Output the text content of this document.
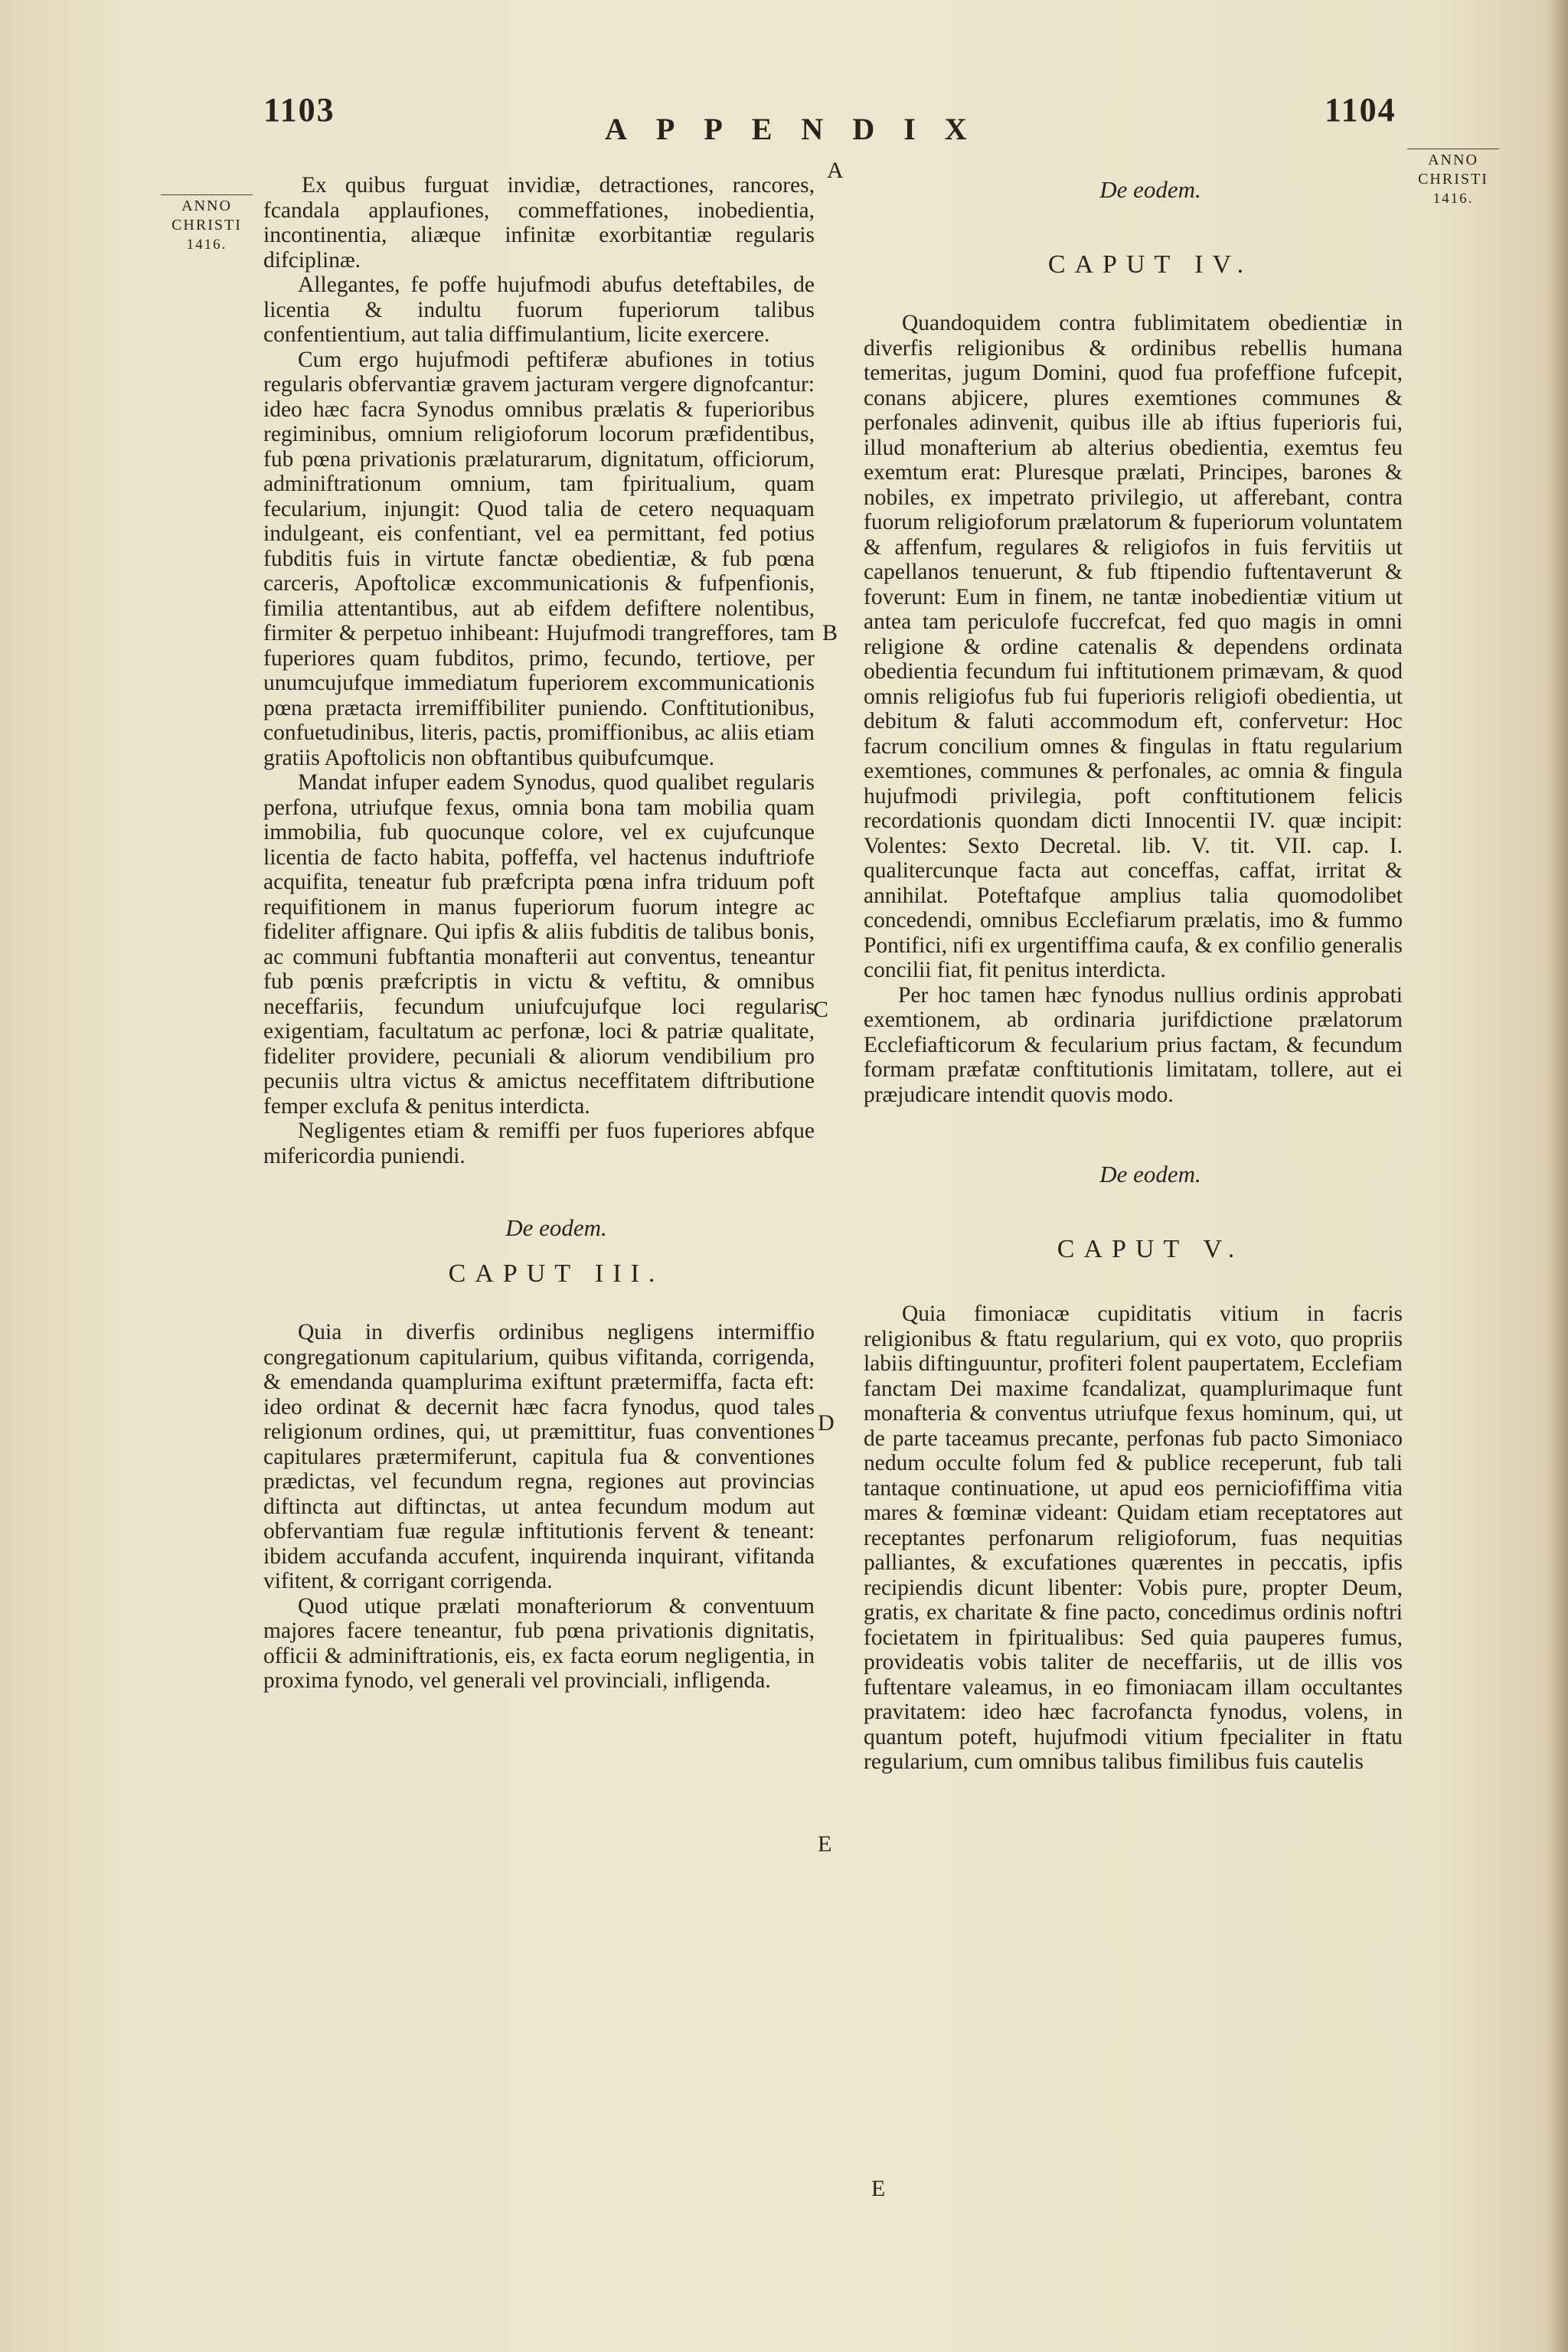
1103
APPENDIX
1104
ANNO
CHRISTI
1416.
ANNO
CHRISTI
1416.
A
B
C
D
E
E

Ex quibus furguat invidiæ, detractiones, rancores, fcandala applaufiones, commeffationes, inobedientia, incontinentia, aliæque infinitæ exorbitantiæ regularis difciplinæ.

Allegantes, fe poffe hujufmodi abufus deteftabiles, de licentia & indultu fuorum fuperiorum talibus confentientium, aut talia diffimulantium, licite exercere.

Cum ergo hujufmodi peftiferæ abufiones in totius regularis obfervantiæ gravem jacturam vergere dignofcantur: ideo hæc facra Synodus omnibus prælatis & fuperioribus regiminibus, omnium religioforum locorum præfidentibus, fub pœna privationis prælaturarum, dignitatum, officiorum, adminiftrationum omnium, tam fpiritualium, quam fecularium, injungit: Quod talia de cetero nequaquam indulgeant, eis confentiant, vel ea permittant, fed potius fubditis fuis in virtute fanctæ obedientiæ, & fub pœna carceris, Apoftolicæ excommunicationis & fufpenfionis, fimilia attentantibus, aut ab eifdem defiftere nolentibus, firmiter & perpetuo inhibeant: Hujufmodi trangreffores, tam fuperiores quam fubditos, primo, fecundo, tertiove, per unumcujufque immediatum fuperiorem excommunicationis pœna prætacta irremiffibiliter puniendo. Conftitutionibus, confuetudinibus, literis, pactis, promiffionibus, ac aliis etiam gratiis Apoftolicis non obftantibus quibufcumque.

Mandat infuper eadem Synodus, quod qualibet regularis perfona, utriufque fexus, omnia bona tam mobilia quam immobilia, fub quocunque colore, vel ex cujufcunque licentia de facto habita, poffeffa, vel hactenus induftriofe acquifita, teneatur fub præfcripta pœna infra triduum poft requifitionem in manus fuperiorum fuorum integre ac fideliter affignare. Qui ipfis & aliis fubditis de talibus bonis, ac communi fubftantia monafterii aut conventus, teneantur fub pœnis præfcriptis in victu & veftitu, & omnibus neceffariis, fecundum uniufcujufque loci regularis exigentiam, facultatum ac perfonæ, loci & patriæ qualitate, fideliter providere, pecuniali & aliorum vendibilium pro pecuniis ultra victus & amictus neceffitatem diftributione femper exclufa & penitus interdicta.

Negligentes etiam & remiffi per fuos fuperiores abfque mifericordia puniendi.

De eodem.

CAPUT III.

Quia in diverfis ordinibus negligens intermiffio congregationum capitularium, quibus vifitanda, corrigenda, & emendanda quamplurima exiftunt prætermiffa, facta eft: ideo ordinat & decernit hæc facra fynodus, quod tales religionum ordines, qui, ut præmittitur, fuas conventiones capitulares prætermiferunt, capitula fua & conventiones prædictas, vel fecundum regna, regiones aut provincias diftincta aut diftinctas, ut antea fecundum modum aut obfervantiam fuæ regulæ inftitutionis fervent & teneant: ibidem accufanda accufent, inquirenda inquirant, vifitanda vifitent, & corrigant corrigenda.

Quod utique prælati monafteriorum & conventuum majores facere teneantur, fub pœna privationis dignitatis, officii & adminiftrationis, eis, ex facta eorum negligentia, in proxima fynodo, vel generali vel provinciali, infligenda.

De eodem.

CAPUT IV.

Quandoquidem contra fublimitatem obedientiæ in diverfis religionibus & ordinibus rebellis humana temeritas, jugum Domini, quod fua profeffione fufcepit, conans abjicere, plures exemtiones communes & perfonales adinvenit, quibus ille ab iftius fuperioris fui, illud monafterium ab alterius obedientia, exemtus feu exemtum erat: Pluresque prælati, Principes, barones & nobiles, ex impetrato privilegio, ut afferebant, contra fuorum religioforum prælatorum & fuperiorum voluntatem & affenfum, regulares & religiofos in fuis fervitiis ut capellanos tenuerunt, & fub ftipendio fuftentaverunt & foverunt: Eum in finem, ne tantæ inobedientiæ vitium ut antea tam periculofe fuccrefcat, fed quo magis in omni religione & ordine catenalis & dependens ordinata obedientia fecundum fui inftitutionem primævam, & quod omnis religiofus fub fui fuperioris religiofi obedientia, ut debitum & faluti accommodum eft, confervetur: Hoc facrum concilium omnes & fingulas in ftatu regularium exemtiones, communes & perfonales, ac omnia & fingula hujufmodi privilegia, poft conftitutionem felicis recordationis quondam dicti Innocentii IV. quæ incipit: Volentes: Sexto Decretal. lib. V. tit. VII. cap. I. qualitercunque facta aut conceffas, caffat, irritat & annihilat. Poteftafque amplius talia quomodolibet concedendi, omnibus Ecclefiarum prælatis, imo & fummo Pontifici, nifi ex urgentiffima caufa, & ex confilio generalis concilii fiat, fit penitus interdicta.

Per hoc tamen hæc fynodus nullius ordinis approbati exemtionem, ab ordinaria jurifdictione prælatorum Ecclefiafticorum & fecularium prius factam, & fecundum formam præfatæ conftitutionis limitatam, tollere, aut ei præjudicare intendit quovis modo.

De eodem.

CAPUT V.

Quia fimoniacæ cupiditatis vitium in facris religionibus & ftatu regularium, qui ex voto, quo propriis labiis diftinguuntur, profiteri folent paupertatem, Ecclefiam fanctam Dei maxime fcandalizat, quamplurimaque funt monafteria & conventus utriufque fexus hominum, qui, ut de parte taceamus precante, perfonas fub pacto Simoniaco nedum occulte folum fed & publice receperunt, fub tali tantaque continuatione, ut apud eos perniciofiffima vitia mares & fœminæ videant: Quidam etiam receptatores aut receptantes perfonarum religioforum, fuas nequitias palliantes, & excufationes quærentes in peccatis, ipfis recipiendis dicunt libenter: Vobis pure, propter Deum, gratis, ex charitate & fine pacto, concedimus ordinis noftri focietatem in fpiritualibus: Sed quia pauperes fumus, provideatis vobis taliter de neceffariis, ut de illis vos fuftentare valeamus, in eo fimoniacam illam occultantes pravitatem: ideo hæc facrofancta fynodus, volens, in quantum poteft, hujufmodi vitium fpecialiter in ftatu regularium, cum omnibus talibus fimilibus fuis cautelis
